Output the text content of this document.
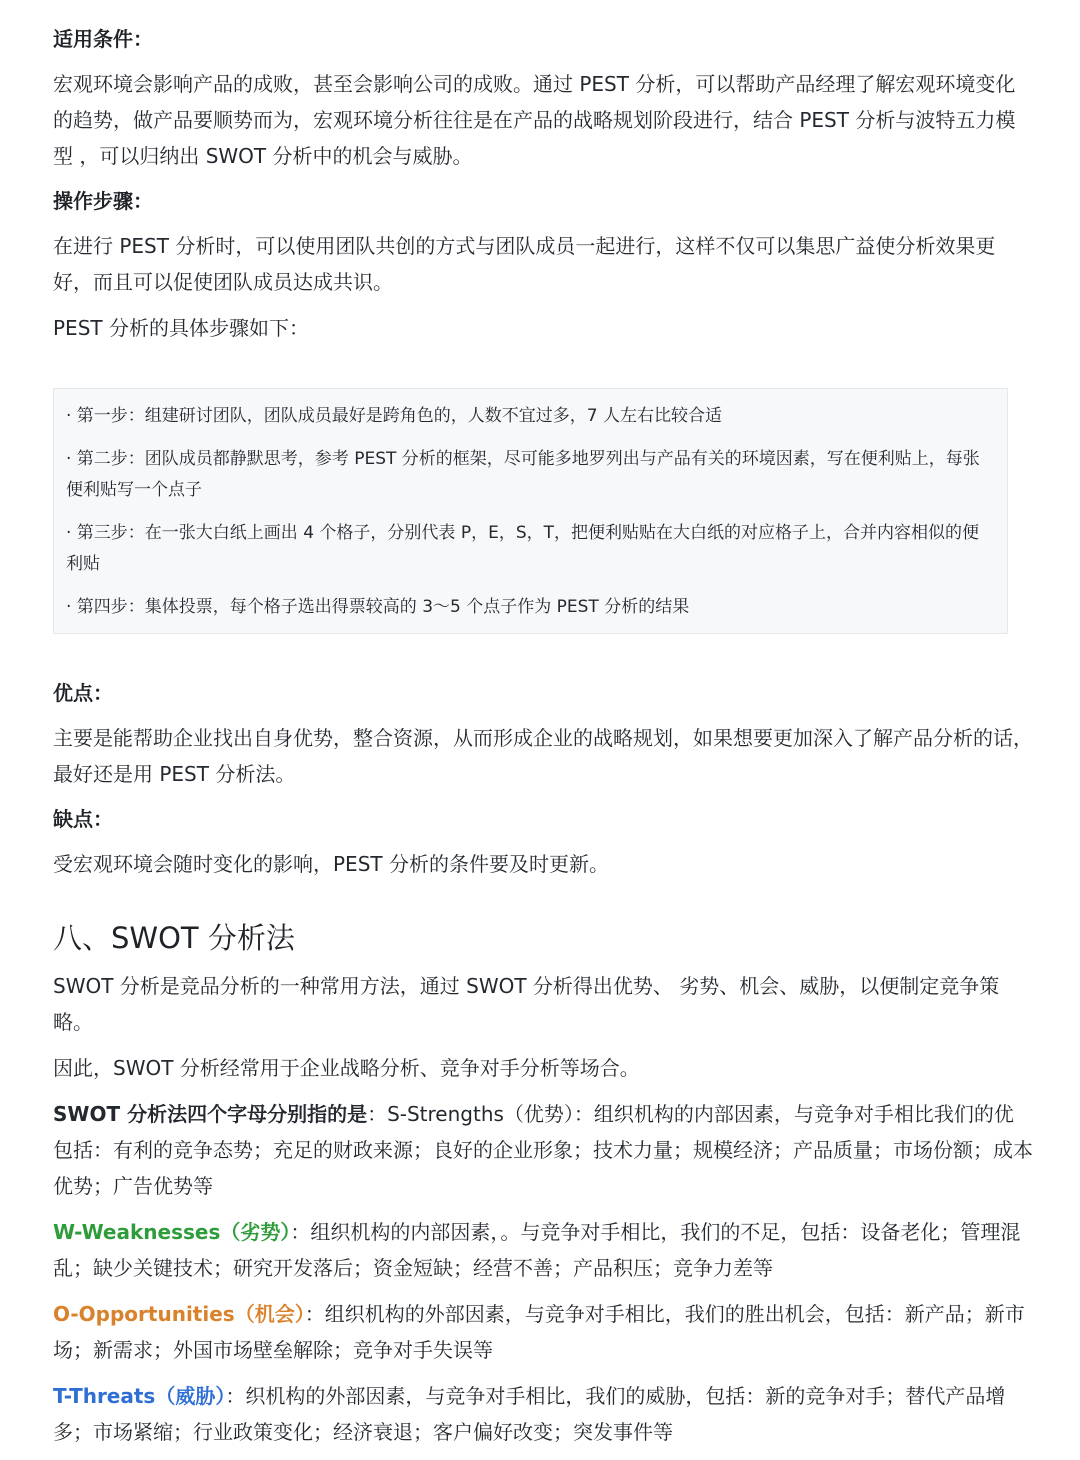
适用条件：
宏观环境会影响产品的成败，甚至会影响公司的成败。通过 PEST 分析，可以帮助产品经理了解宏观环境变化的趋势，做产品要顺势而为，宏观环境分析往往是在产品的战略规划阶段进行，结合 PEST 分析与波特五力模型 ，可以归纳出 SWOT 分析中的机会与威胁。
操作步骤：
在进行 PEST 分析时，可以使用团队共创的方式与团队成员一起进行，这样不仅可以集思广益使分析效果更好，而且可以促使团队成员达成共识。
PEST 分析的具体步骤如下：
· 第一步：组建研讨团队，团队成员最好是跨角色的，人数不宜过多，7 人左右比较合适
· 第二步：团队成员都静默思考，参考 PEST 分析的框架，尽可能多地罗列出与产品有关的环境因素，写在便利贴上，每张便利贴写一个点子
· 第三步：在一张大白纸上画出 4 个格子，分别代表 P，E，S，T，把便利贴贴在大白纸的对应格子上，合并内容相似的便利贴
· 第四步：集体投票，每个格子选出得票较高的 3～5 个点子作为 PEST 分析的结果
优点：
主要是能帮助企业找出自身优势，整合资源，从而形成企业的战略规划，如果想要更加深入了解产品分析的话，最好还是用 PEST 分析法。
缺点：
受宏观环境会随时变化的影响，PEST 分析的条件要及时更新。
八、SWOT 分析法
SWOT 分析是竞品分析的一种常用方法，通过 SWOT 分析得出优势、 劣势、机会、威胁，以便制定竞争策略。
因此，SWOT 分析经常用于企业战略分析、竞争对手分析等场合。
SWOT 分析法四个字母分别指的是：S-Strengths（优势）：组织机构的内部因素，与竞争对手相比我们的优包括：有利的竞争态势；充足的财政来源；良好的企业形象；技术力量；规模经济；产品质量；市场份额；成本优势；广告优势等
W-Weaknesses（劣势）：组织机构的内部因素，。与竞争对手相比，我们的不足，包括：设备老化；管理混乱；缺少关键技术；研究开发落后；资金短缺；经营不善；产品积压；竞争力差等
O-Opportunities（机会）：组织机构的外部因素，与竞争对手相比，我们的胜出机会，包括：新产品；新市场；新需求；外国市场壁垒解除；竞争对手失误等
T-Threats（威胁）：织机构的外部因素，与竞争对手相比，我们的威胁，包括：新的竞争对手；替代产品增多；市场紧缩；行业政策变化；经济衰退；客户偏好改变；突发事件等
